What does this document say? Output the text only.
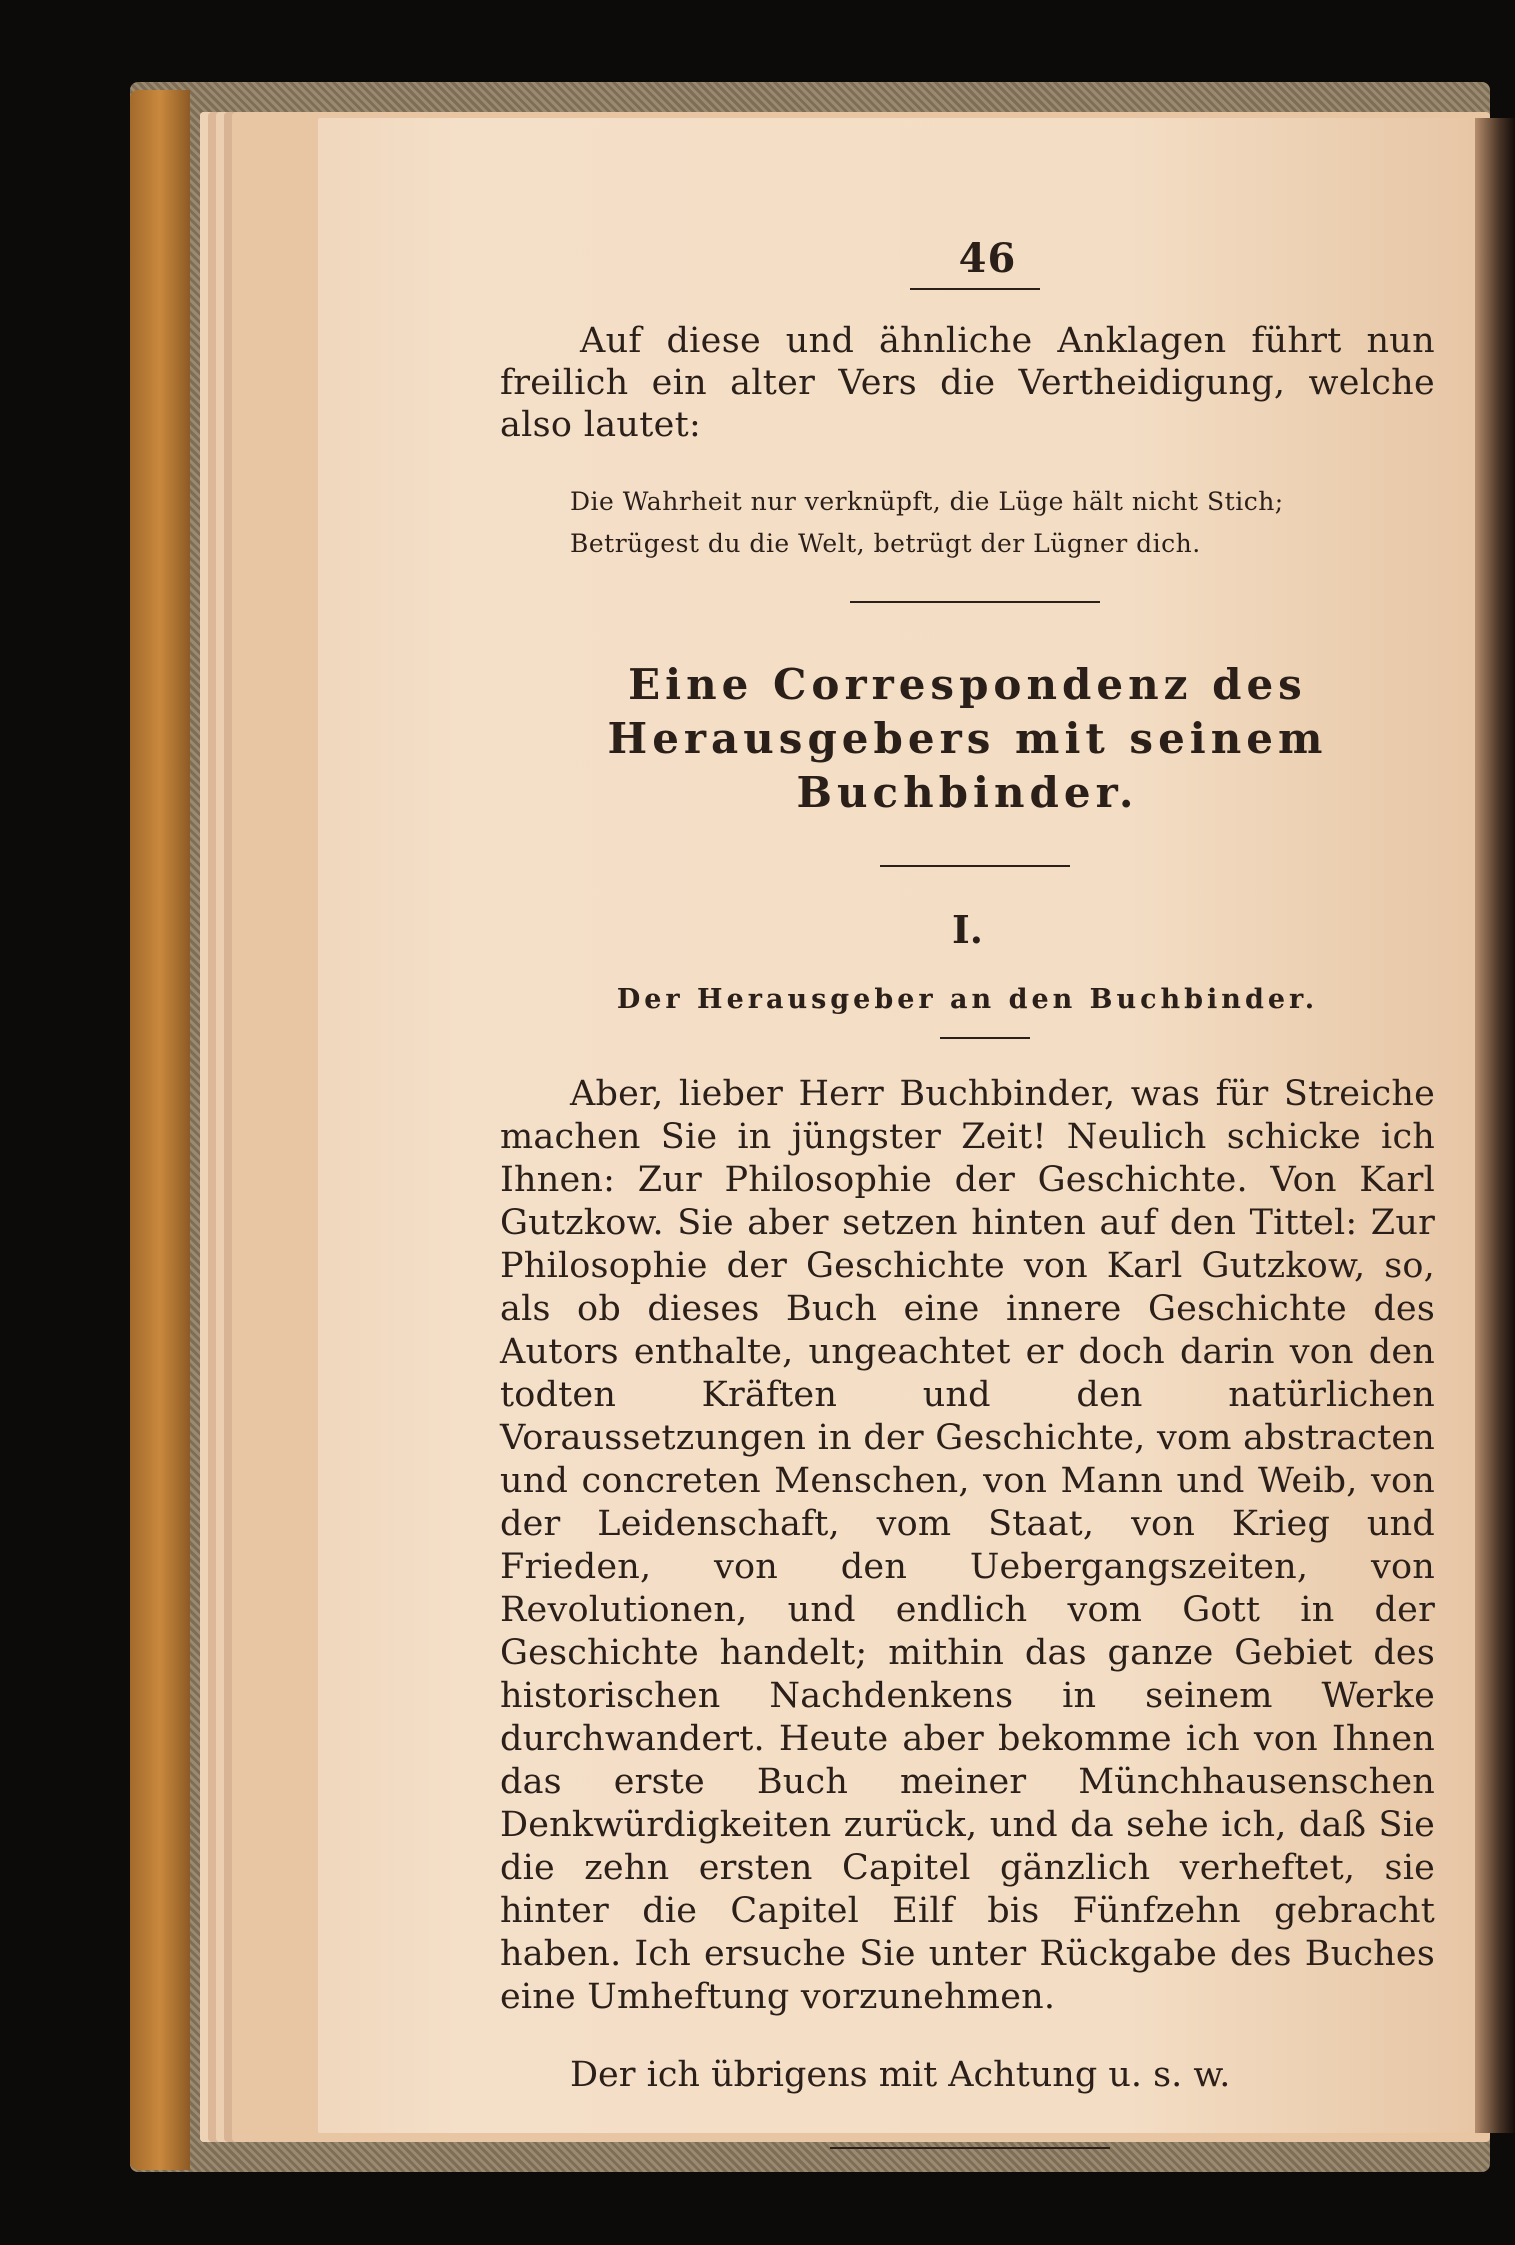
46

Auf diese und ähnliche Anklagen führt nun freilich ein alter Vers die Vertheidigung, welche also lautet:

Die Wahrheit nur verknüpft, die Lüge hält nicht Stich;
Betrügest du die Welt, betrügt der Lügner dich.
Eine Correspondenz des Herausgebers mit seinem Buchbinder.
I.
Der Herausgeber an den Buchbinder.

Aber, lieber Herr Buchbinder, was für Streiche machen Sie in jüngster Zeit! Neulich schicke ich Ihnen: Zur Philosophie der Geschichte. Von Karl Gutzkow. Sie aber setzen hinten auf den Tittel: Zur Philosophie der Geschichte von Karl Gutzkow, so, als ob dieses Buch eine innere Geschichte des Autors enthalte, ungeachtet er doch darin von den todten Kräften und den natürlichen Voraussetzungen in der Geschichte, vom abstracten und concreten Menschen, von Mann und Weib, von der Leidenschaft, vom Staat, von Krieg und Frieden, von den Uebergangszeiten, von Revolutionen, und endlich vom Gott in der Geschichte handelt; mithin das ganze Gebiet des historischen Nachdenkens in seinem Werke durchwandert. Heute aber bekomme ich von Ihnen das erste Buch meiner Münchhausenschen Denkwürdigkeiten zurück, und da sehe ich, daß Sie die zehn ersten Capitel gänzlich verheftet, sie hinter die Capitel Eilf bis Fünfzehn gebracht haben. Ich ersuche Sie unter Rückgabe des Buches eine Umheftung vorzunehmen.

Der ich übrigens mit Achtung u. s. w.
